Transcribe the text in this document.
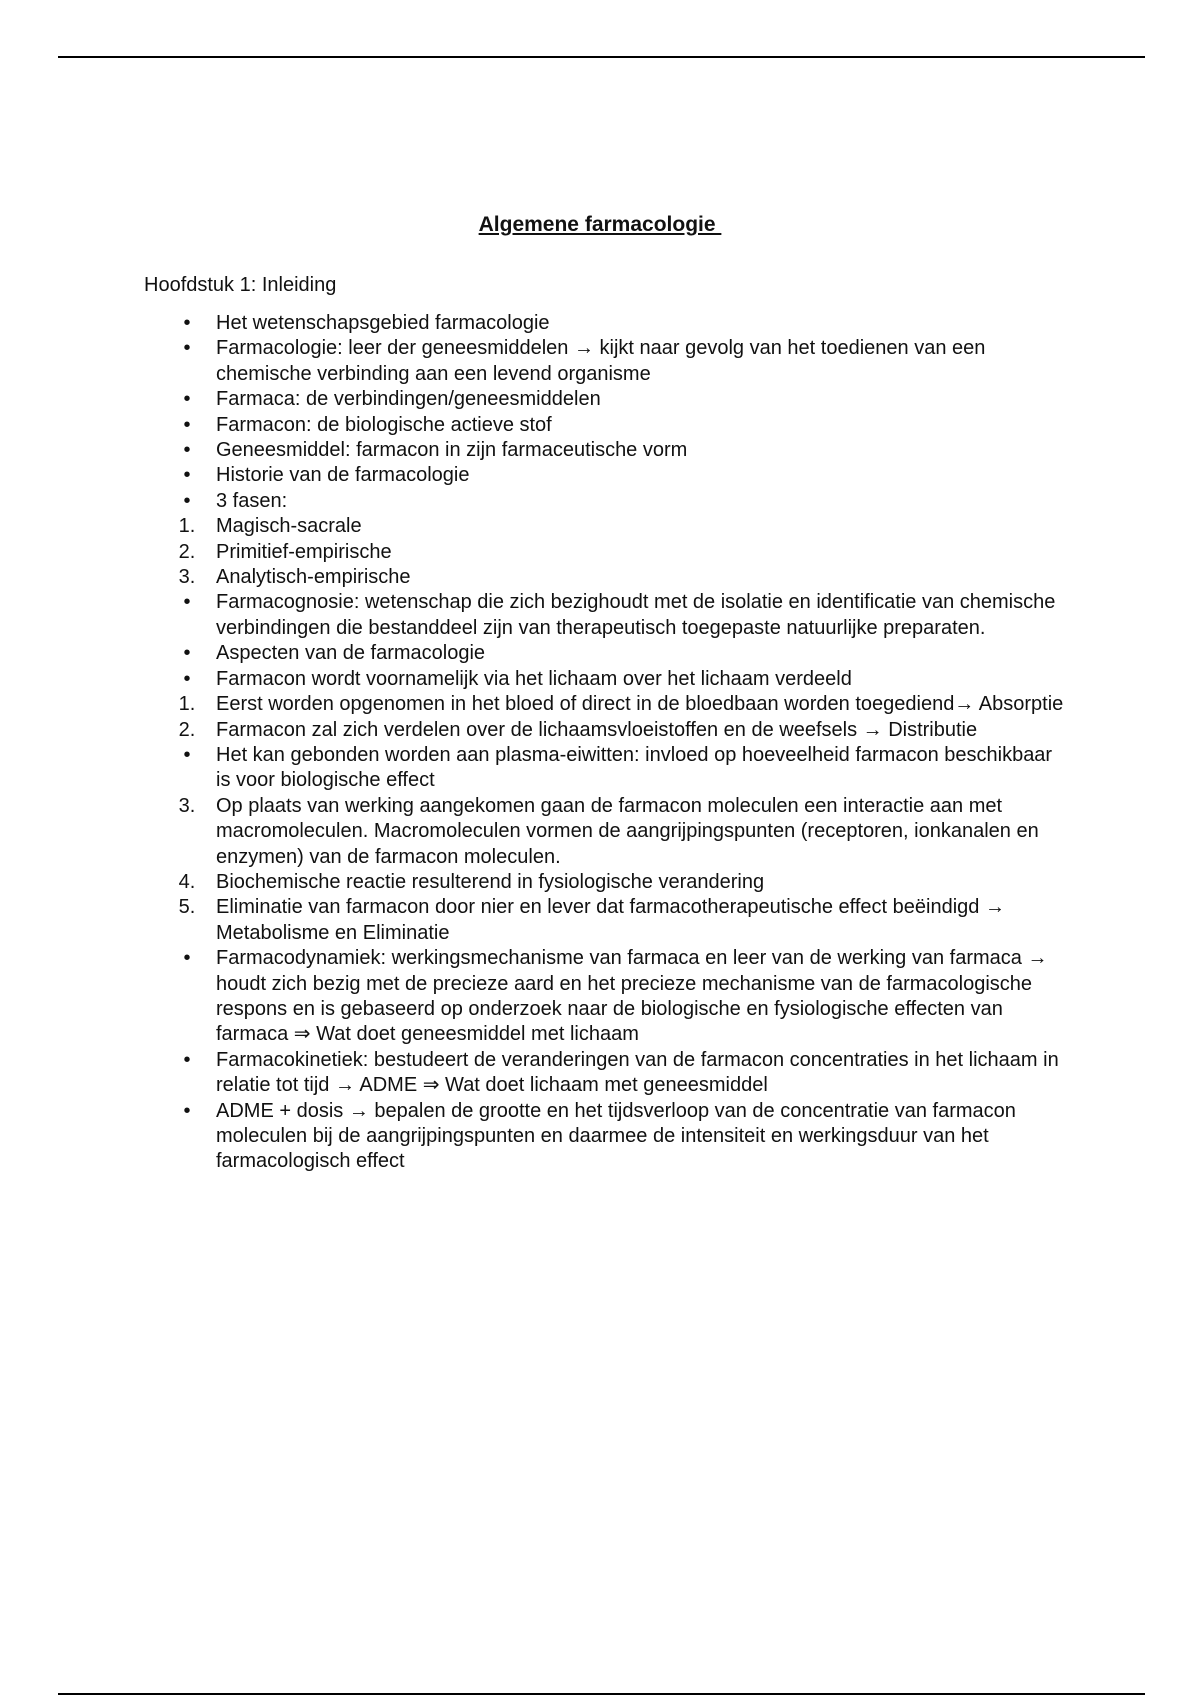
Algemene farmacologie
Hoofdstuk 1: Inleiding
•	Het wetenschapsgebied farmacologie
•	Farmacologie: leer der geneesmiddelen → kijkt naar gevolg van het toedienen van een chemische verbinding aan een levend organisme
•	Farmaca: de verbindingen/geneesmiddelen
•	Farmacon: de biologische actieve stof
•	Geneesmiddel: farmacon in zijn farmaceutische vorm
•	Historie van de farmacologie
•	3 fasen:
1.	Magisch-sacrale
2.	Primitief-empirische
3.	Analytisch-empirische
•	Farmacognosie: wetenschap die zich bezighoudt met de isolatie en identificatie van chemische verbindingen die bestanddeel zijn van therapeutisch toegepaste natuurlijke preparaten.
•	Aspecten van de farmacologie
•	Farmacon wordt voornamelijk via het lichaam over het lichaam verdeeld
1.	Eerst worden opgenomen in het bloed of direct in de bloedbaan worden toegediend→ Absorptie
2.	Farmacon zal zich verdelen over de lichaamsvloeistoffen en de weefsels → Distributie
•	Het kan gebonden worden aan plasma-eiwitten: invloed op hoeveelheid farmacon beschikbaar is voor biologische effect
3.	Op plaats van werking aangekomen gaan de farmacon moleculen een interactie aan met macromoleculen. Macromoleculen vormen de aangrijpingspunten (receptoren, ionkanalen en enzymen) van de farmacon moleculen.
4.	Biochemische reactie resulterend in fysiologische verandering
5.	Eliminatie van farmacon door nier en lever dat farmacotherapeutische effect beëindigd → Metabolisme en Eliminatie
•	Farmacodynamiek: werkingsmechanisme van farmaca en leer van de werking van farmaca → houdt zich bezig met de precieze aard en het precieze mechanisme van de farmacologische respons en is gebaseerd op onderzoek naar de biologische en fysiologische effecten van farmaca ⇒ Wat doet geneesmiddel met lichaam
•	Farmacokinetiek: bestudeert de veranderingen van de farmacon concentraties in het lichaam in relatie tot tijd → ADME ⇒ Wat doet lichaam met geneesmiddel
•	ADME + dosis → bepalen de grootte en het tijdsverloop van de concentratie van farmacon moleculen bij de aangrijpingspunten en daarmee de intensiteit en werkingsduur van het farmacologisch effect
